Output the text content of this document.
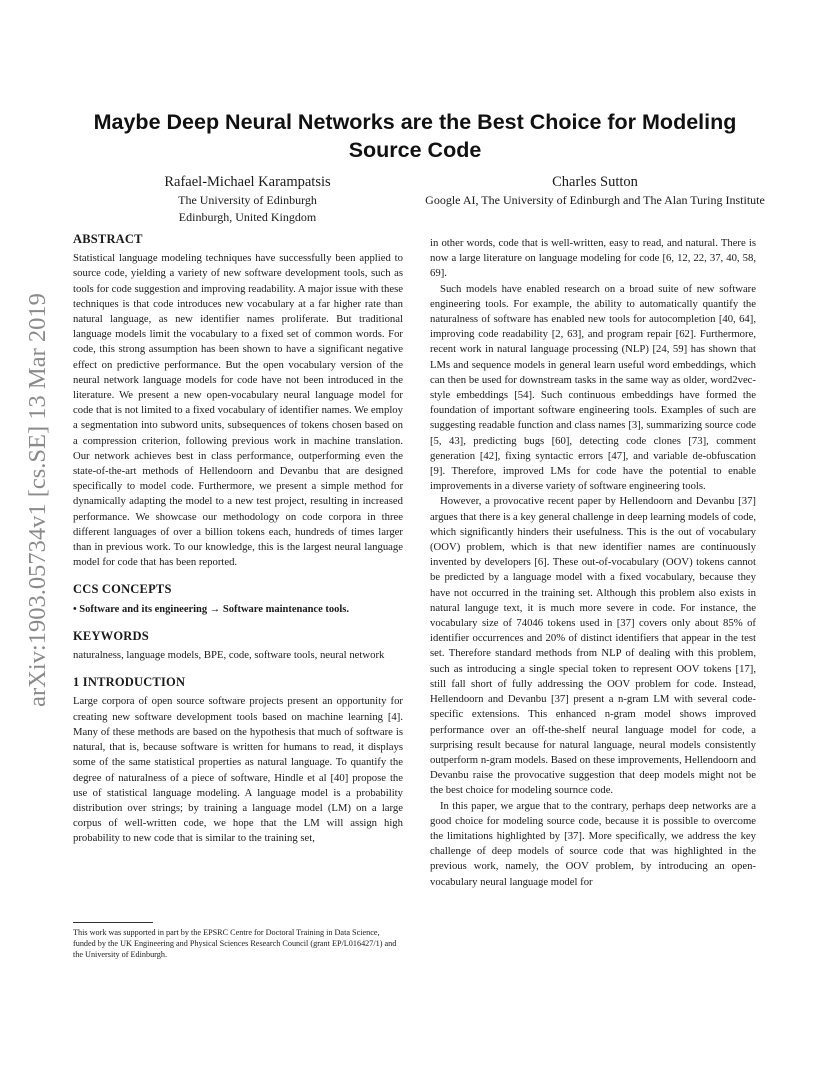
arXiv:1903.05734v1 [cs.SE] 13 Mar 2019
Maybe Deep Neural Networks are the Best Choice for Modeling Source Code
Rafael-Michael Karampatsis
The University of Edinburgh
Edinburgh, United Kingdom
Charles Sutton
Google AI, The University of Edinburgh and The Alan Turing Institute
ABSTRACT

Statistical language modeling techniques have successfully been applied to source code, yielding a variety of new software development tools, such as tools for code suggestion and improving readability. A major issue with these techniques is that code introduces new vocabulary at a far higher rate than natural language, as new identifier names proliferate. But traditional language models limit the vocabulary to a fixed set of common words. For code, this strong assumption has been shown to have a significant negative effect on predictive performance. But the open vocabulary version of the neural network language models for code have not been introduced in the literature. We present a new open-vocabulary neural language model for code that is not limited to a fixed vocabulary of identifier names. We employ a segmentation into subword units, subsequences of tokens chosen based on a compression criterion, following previous work in machine translation. Our network achieves best in class performance, outperforming even the state-of-the-art methods of Hellendoorn and Devanbu that are designed specifically to model code. Furthermore, we present a simple method for dynamically adapting the model to a new test project, resulting in increased performance. We showcase our methodology on code corpora in three different languages of over a billion tokens each, hundreds of times larger than in previous work. To our knowledge, this is the largest neural language model for code that has been reported.

CCS CONCEPTS

• Software and its engineering → Software maintenance tools.

KEYWORDS

naturalness, language models, BPE, code, software tools, neural network

1 INTRODUCTION

Large corpora of open source software projects present an opportunity for creating new software development tools based on machine learning [4]. Many of these methods are based on the hypothesis that much of software is natural, that is, because software is written for humans to read, it displays some of the same statistical properties as natural language. To quantify the degree of naturalness of a piece of software, Hindle et al [40] propose the use of statistical language modeling. A language model is a probability distribution over strings; by training a language model (LM) on a large corpus of well-written code, we hope that the LM will assign high probability to new code that is similar to the training set,

This work was supported in part by the EPSRC Centre for Doctoral Training in Data Science, funded by the UK Engineering and Physical Sciences Research Council (grant EP/L016427/1) and the University of Edinburgh.

in other words, code that is well-written, easy to read, and natural. There is now a large literature on language modeling for code [6, 12, 22, 37, 40, 58, 69].

Such models have enabled research on a broad suite of new software engineering tools. For example, the ability to automatically quantify the naturalness of software has enabled new tools for autocompletion [40, 64], improving code readability [2, 63], and program repair [62]. Furthermore, recent work in natural language processing (NLP) [24, 59] has shown that LMs and sequence models in general learn useful word embeddings, which can then be used for downstream tasks in the same way as older, word2vec-style embeddings [54]. Such continuous embeddings have formed the foundation of important software engineering tools. Examples of such are suggesting readable function and class names [3], summarizing source code [5, 43], predicting bugs [60], detecting code clones [73], comment generation [42], fixing syntactic errors [47], and variable de-obfuscation [9]. Therefore, improved LMs for code have the potential to enable improvements in a diverse variety of software engineering tools.

However, a provocative recent paper by Hellendoorn and Devanbu [37] argues that there is a key general challenge in deep learning models of code, which significantly hinders their usefulness. This is the out of vocabulary (OOV) problem, which is that new identifier names are continuously invented by developers [6]. These out-of-vocabulary (OOV) tokens cannot be predicted by a language model with a fixed vocabulary, because they have not occurred in the training set. Although this problem also exists in natural languge text, it is much more severe in code. For instance, the vocabulary size of 74046 tokens used in [37] covers only about 85% of identifier occurrences and 20% of distinct identifiers that appear in the test set. Therefore standard methods from NLP of dealing with this problem, such as introducing a single special token to represent OOV tokens [17], still fall short of fully addressing the OOV problem for code. Instead, Hellendoorn and Devanbu [37] present a n-gram LM with several code-specific extensions. This enhanced n-gram model shows improved performance over an off-the-shelf neural language model for code, a surprising result because for natural language, neural models consistently outperform n-gram models. Based on these improvements, Hellendoorn and Devanbu raise the provocative suggestion that deep models might not be the best choice for modeling sournce code.

In this paper, we argue that to the contrary, perhaps deep networks are a good choice for modeling source code, because it is possible to overcome the limitations highlighted by [37]. More specifically, we address the key challenge of deep models of source code that was highlighted in the previous work, namely, the OOV problem, by introducing an open-vocabulary neural language model for
